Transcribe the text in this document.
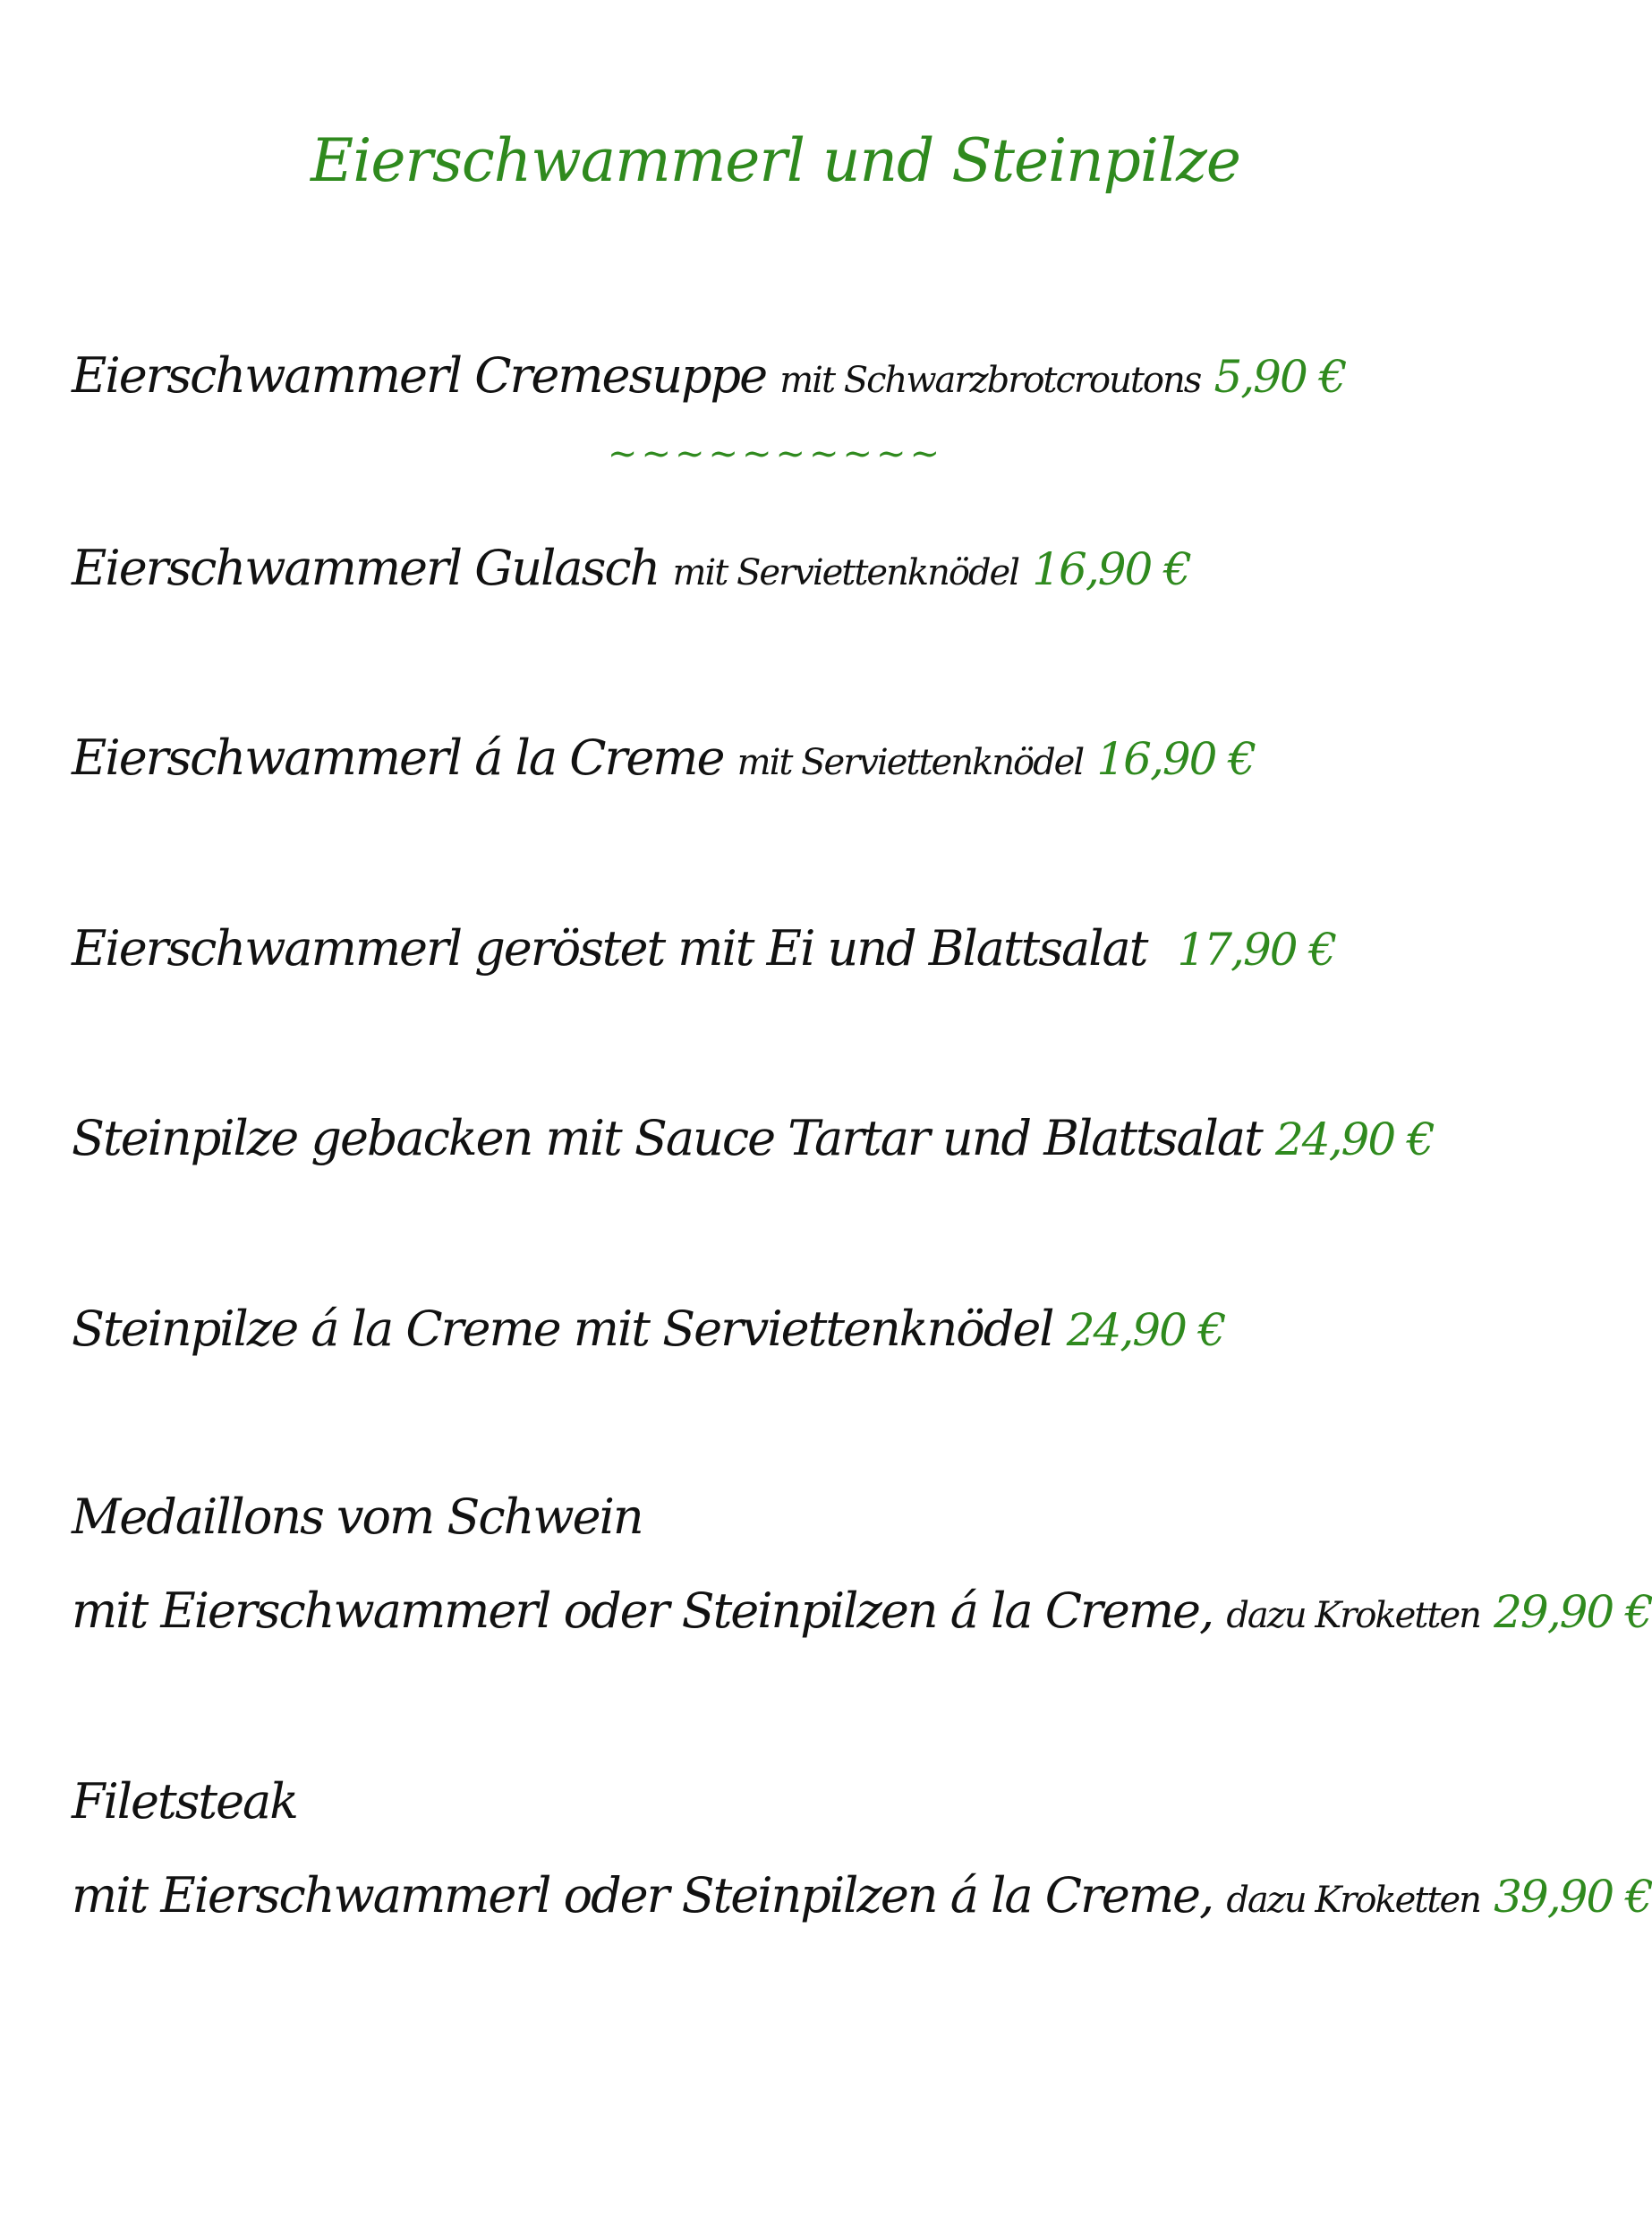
Eierschwammerl und Steinpilze
Eierschwammerl Cremesuppe mit Schwarzbrotcroutons 5,90 €
~~~~~~~~~~
Eierschwammerl Gulasch mit Serviettenknödel 16,90 €
Eierschwammerl á la Creme mit Serviettenknödel 16,90 €
Eierschwammerl geröstet mit Ei und Blattsalat 17,90 €
Steinpilze gebacken mit Sauce Tartar und Blattsalat 24,90 €
Steinpilze á la Creme mit Serviettenknödel 24,90 €
Medaillons vom Schwein
mit Eierschwammerl oder Steinpilzen á la Creme, dazu Kroketten 29,90 €
Filetsteak
mit Eierschwammerl oder Steinpilzen á la Creme, dazu Kroketten 39,90 €
